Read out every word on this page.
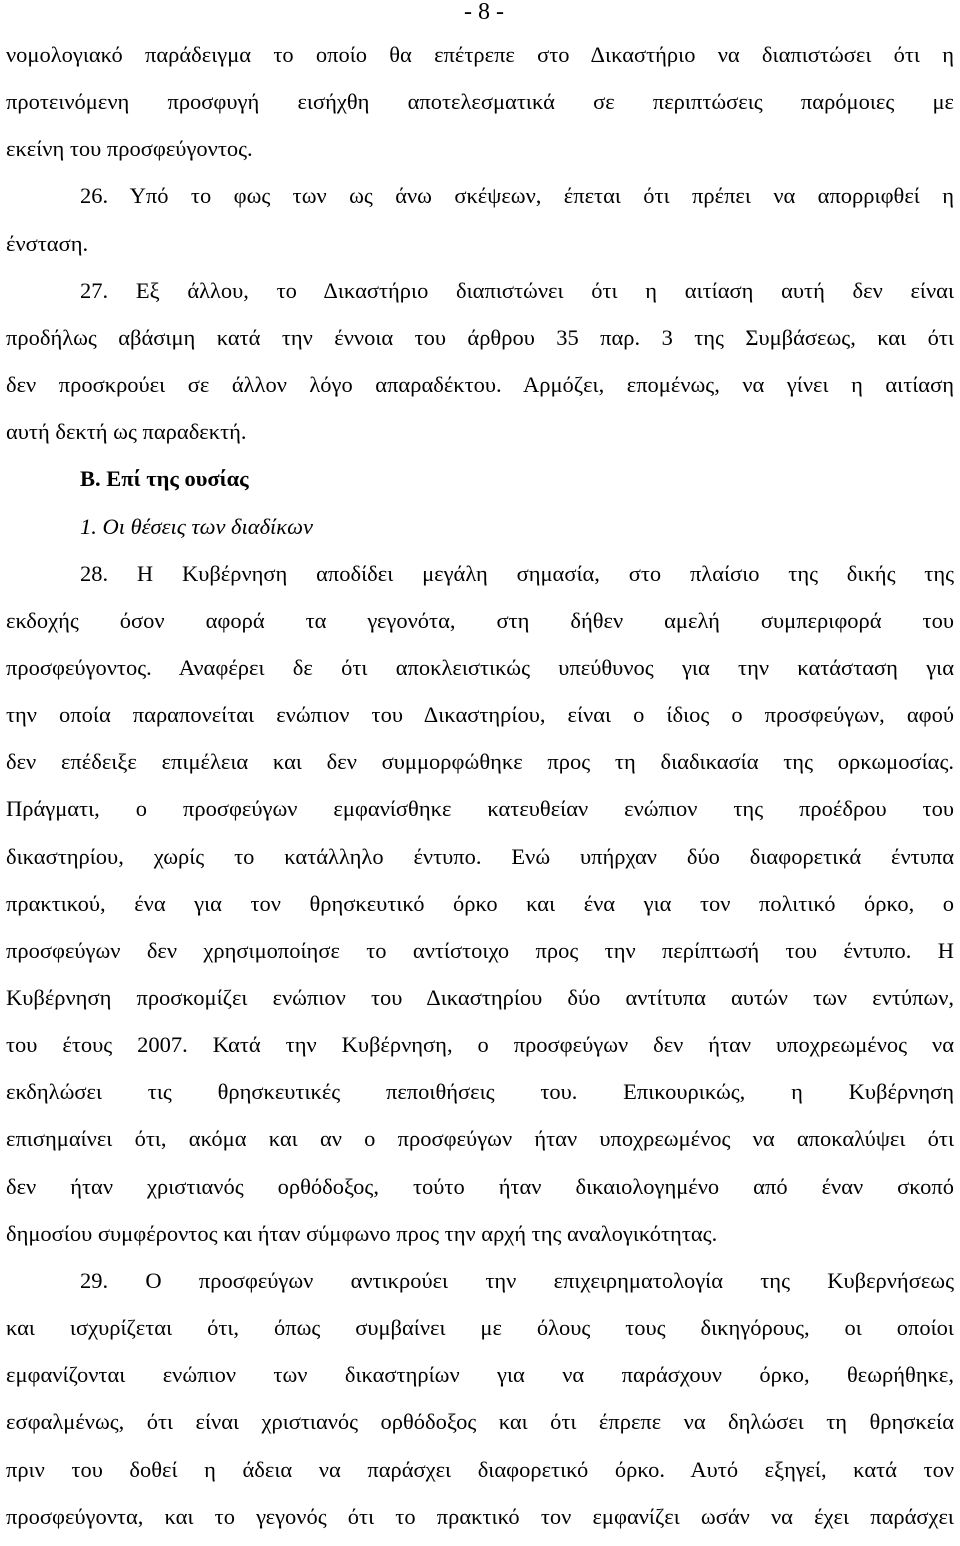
- 8 -
νομολογιακό παράδειγμα το οποίο θα επέτρεπε στο Δικαστήριο να διαπιστώσει ότι η
προτεινόμενη προσφυγή εισήχθη αποτελεσματικά σε περιπτώσεις παρόμοιες με
εκείνη του προσφεύγοντος.
26. Υπό το φως των ως άνω σκέψεων, έπεται ότι πρέπει να απορριφθεί η
ένσταση.
27. Εξ άλλου, το Δικαστήριο διαπιστώνει ότι η αιτίαση αυτή δεν είναι
προδήλως αβάσιμη κατά την έννοια του άρθρου 35 παρ. 3 της Συμβάσεως, και ότι
δεν προσκρούει σε άλλον λόγο απαραδέκτου. Αρμόζει, επομένως, να γίνει η αιτίαση
αυτή δεκτή ως παραδεκτή.
Β. Επί της ουσίας
1. Οι θέσεις των διαδίκων
28. Η Κυβέρνηση αποδίδει μεγάλη σημασία, στο πλαίσιο της δικής της
εκδοχής όσον αφορά τα γεγονότα, στη δήθεν αμελή συμπεριφορά του
προσφεύγοντος. Αναφέρει δε ότι αποκλειστικώς υπεύθυνος για την κατάσταση για
την οποία παραπονείται ενώπιον του Δικαστηρίου, είναι ο ίδιος ο προσφεύγων, αφού
δεν επέδειξε επιμέλεια και δεν συμμορφώθηκε προς τη διαδικασία της ορκωμοσίας.
Πράγματι, ο προσφεύγων εμφανίσθηκε κατευθείαν ενώπιον της προέδρου του
δικαστηρίου, χωρίς το κατάλληλο έντυπο. Ενώ υπήρχαν δύο διαφορετικά έντυπα
πρακτικού, ένα για τον θρησκευτικό όρκο και ένα για τον πολιτικό όρκο, ο
προσφεύγων δεν χρησιμοποίησε το αντίστοιχο προς την περίπτωσή του έντυπο. Η
Κυβέρνηση προσκομίζει ενώπιον του Δικαστηρίου δύο αντίτυπα αυτών των εντύπων,
του έτους 2007. Κατά την Κυβέρνηση, ο προσφεύγων δεν ήταν υποχρεωμένος να
εκδηλώσει τις θρησκευτικές πεποιθήσεις του. Επικουρικώς, η Κυβέρνηση
επισημαίνει ότι, ακόμα και αν ο προσφεύγων ήταν υποχρεωμένος να αποκαλύψει ότι
δεν ήταν χριστιανός ορθόδοξος, τούτο ήταν δικαιολογημένο από έναν σκοπό
δημοσίου συμφέροντος και ήταν σύμφωνο προς την αρχή της αναλογικότητας.
29. Ο προσφεύγων αντικρούει την επιχειρηματολογία της Κυβερνήσεως
και ισχυρίζεται ότι, όπως συμβαίνει με όλους τους δικηγόρους, οι οποίοι
εμφανίζονται ενώπιον των δικαστηρίων για να παράσχουν όρκο, θεωρήθηκε,
εσφαλμένως, ότι είναι χριστιανός ορθόδοξος και ότι έπρεπε να δηλώσει τη θρησκεία
πριν του δοθεί η άδεια να παράσχει διαφορετικό όρκο. Αυτό εξηγεί, κατά τον
προσφεύγοντα, και το γεγονός ότι το πρακτικό τον εμφανίζει ωσάν να έχει παράσχει
